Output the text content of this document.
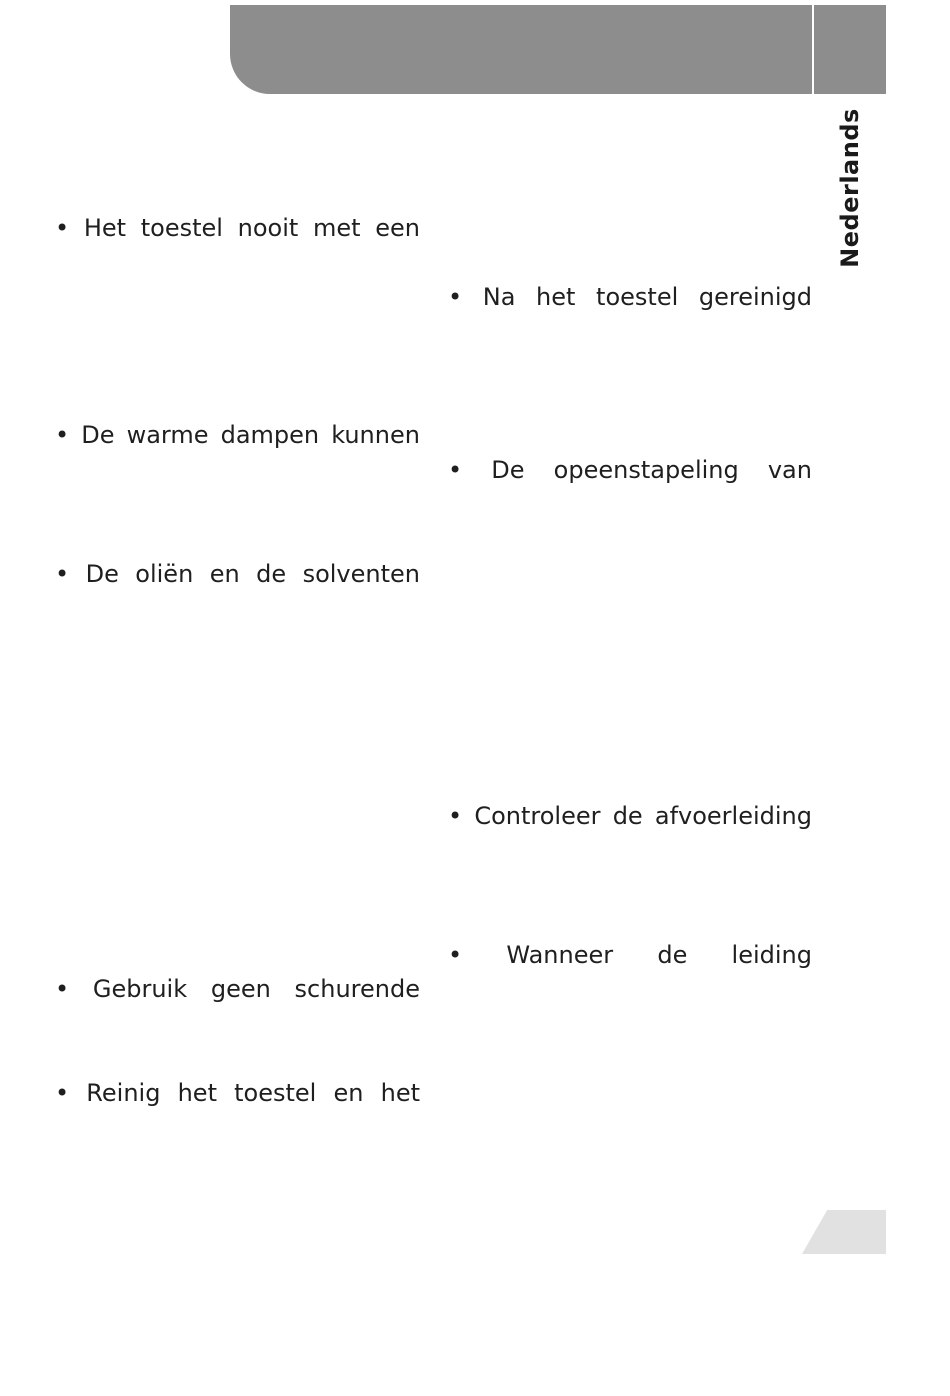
Nederlands
• Het toestel nooit met een
• De warme dampen kunnen
• De oliën en de solventen
• Gebruik geen schurende
• Reinig het toestel en het
• Na het toestel gereinigd
• De opeenstapeling van
• Controleer de afvoerleiding
• Wanneer de leiding
